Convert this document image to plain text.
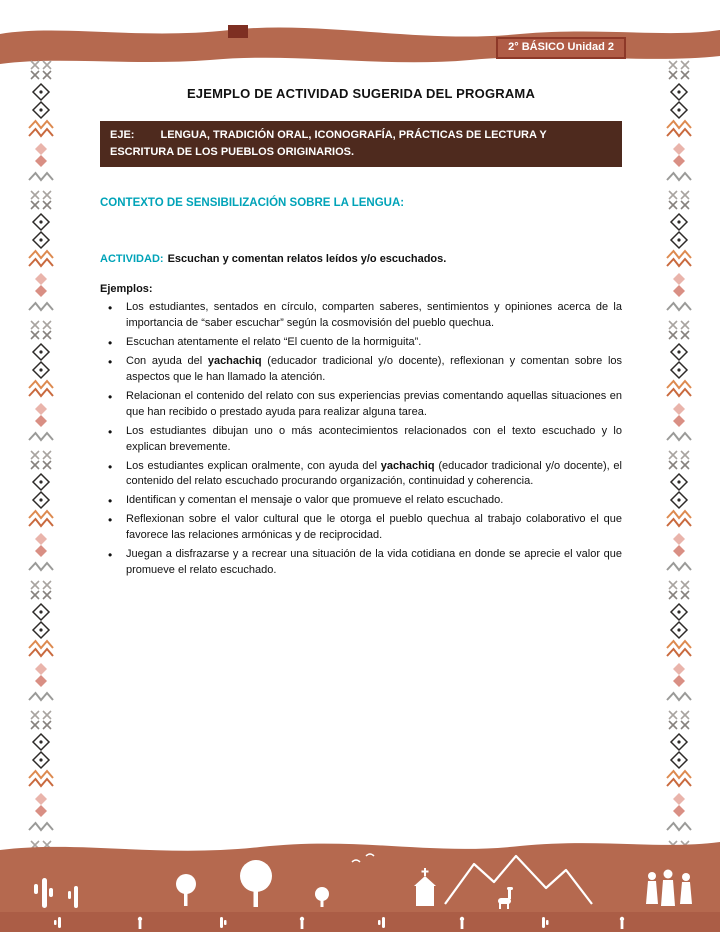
2° BÁSICO Unidad 2
EJEMPLO DE ACTIVIDAD SUGERIDA DEL PROGRAMA
EJE: LENGUA, TRADICIÓN ORAL, ICONOGRAFÍA, PRÁCTICAS DE LECTURA Y ESCRITURA DE LOS PUEBLOS ORIGINARIOS.
CONTEXTO DE SENSIBILIZACIÓN SOBRE LA LENGUA:
ACTIVIDAD: Escuchan y comentan relatos leídos y/o escuchados.
Ejemplos:
• Los estudiantes, sentados en círculo, comparten saberes, sentimientos y opiniones acerca de la importancia de “saber escuchar” según la cosmovisión del pueblo quechua.
• Escuchan atentamente el relato “El cuento de la hormiguita”.
• Con ayuda del yachachiq (educador tradicional y/o docente), reflexionan y comentan sobre los aspectos que le han llamado la atención.
• Relacionan el contenido del relato con sus experiencias previas comentando aquellas situaciones en que han recibido o prestado ayuda para realizar alguna tarea.
• Los estudiantes dibujan uno o más acontecimientos relacionados con el texto escuchado y lo explican brevemente.
• Los estudiantes explican oralmente, con ayuda del yachachiq (educador tradicional y/o docente), el contenido del relato escuchado procurando organización, continuidad y coherencia.
• Identifican y comentan el mensaje o valor que promueve el relato escuchado.
• Reflexionan sobre el valor cultural que le otorga el pueblo quechua al trabajo colaborativo el que favorece las relaciones armónicas y de reciprocidad.
• Juegan a disfrazarse y a recrear una situación de la vida cotidiana en donde se aprecie el valor que promueve el relato escuchado.
